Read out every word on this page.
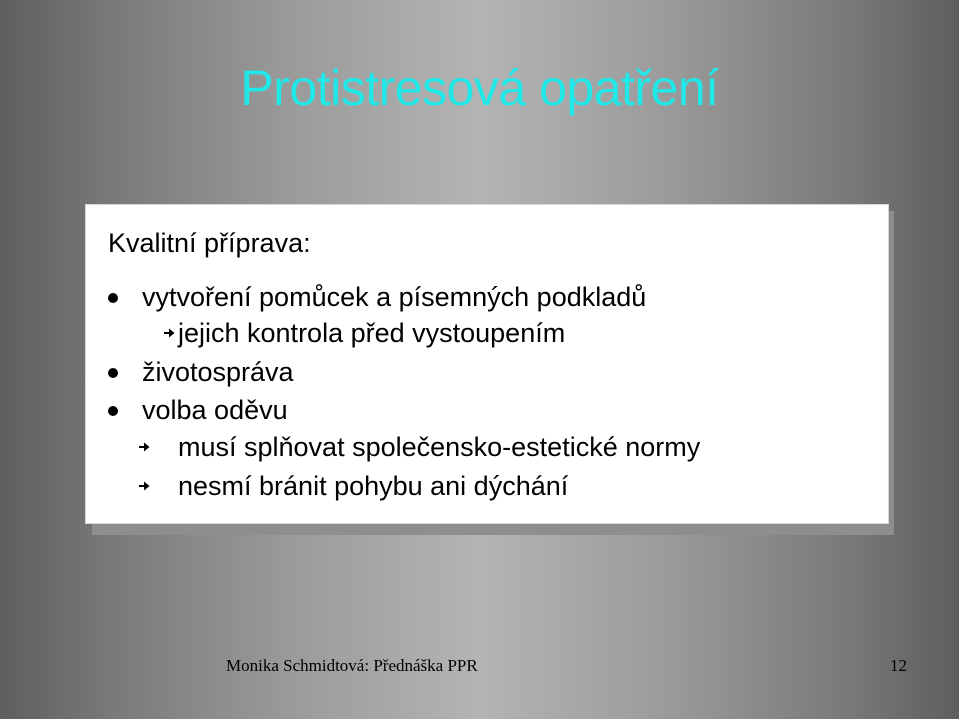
Protistresová opatření
Kvalitní příprava:
vytvoření pomůcek a písemných podkladů
jejich kontrola před vystoupením
životospráva
volba oděvu
musí splňovat společensko-estetické normy
nesmí bránit pohybu ani dýchání
Monika Schmidtová: Přednáška PPR	12
